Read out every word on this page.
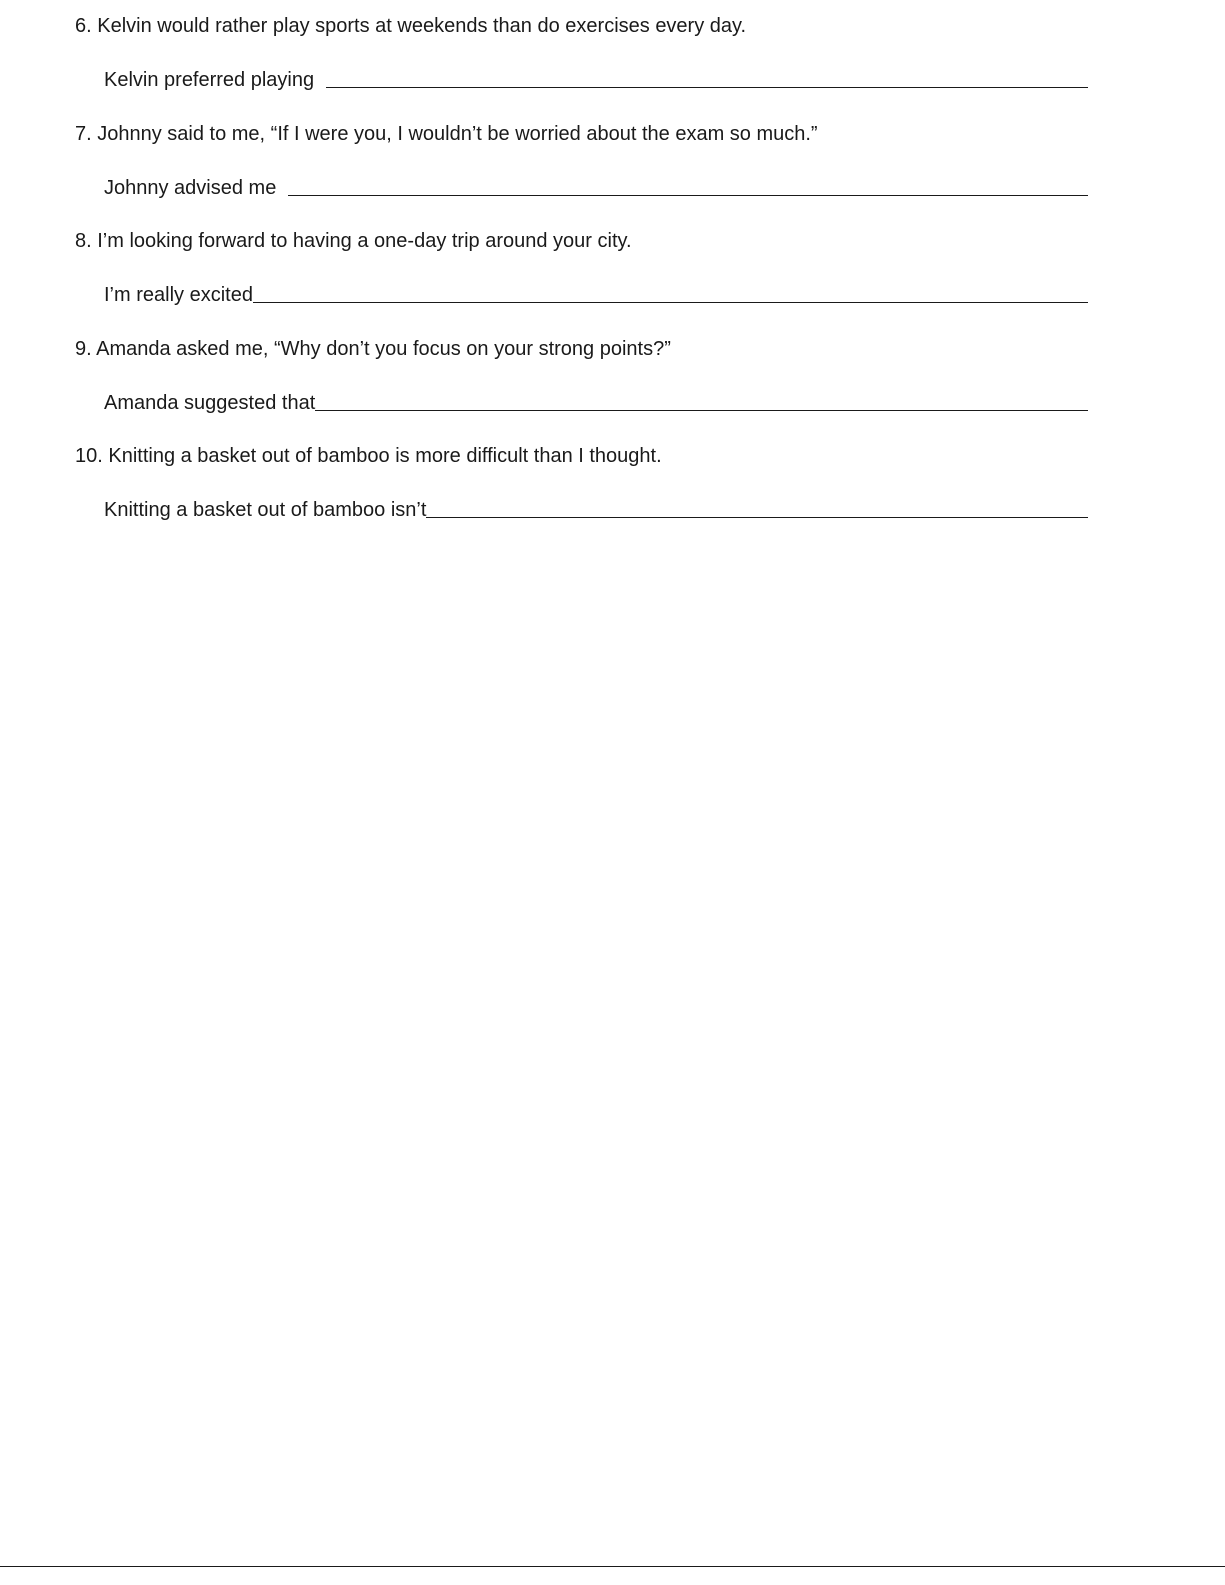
6. Kelvin would rather play sports at weekends than do exercises every day.
Kelvin preferred playing
7. Johnny said to me, “If I were you, I wouldn’t be worried about the exam so much.”
Johnny advised me
8. I’m looking forward to having a one-day trip around your city.
I’m really excited
9. Amanda asked me, “Why don’t you focus on your strong points?”
Amanda suggested that
10. Knitting a basket out of bamboo is more difficult than I thought.
Knitting a basket out of bamboo isn’t
